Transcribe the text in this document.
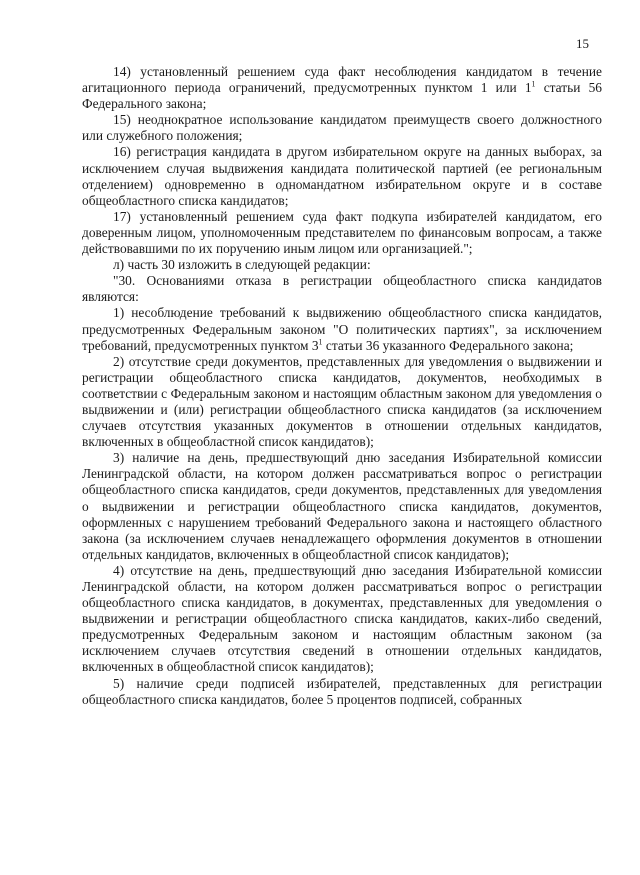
15

14) установленный решением суда факт несоблюдения кандидатом в течение агитационного периода ограничений, предусмотренных пунктом 1 или $1^1$ статьи 56 Федерального закона;

15) неоднократное использование кандидатом преимуществ своего должностного или служебного положения;

16) регистрация кандидата в другом избирательном округе на данных выборах, за исключением случая выдвижения кандидата политической партией (ее региональным отделением) одновременно в одномандатном избирательном округе и в составе общеобластного списка кандидатов;

17) установленный решением суда факт подкупа избирателей кандидатом, его доверенным лицом, уполномоченным представителем по финансовым вопросам, а также действовавшими по их поручению иным лицом или организацией.";

л) часть 30 изложить в следующей редакции:

"30. Основаниями отказа в регистрации общеобластного списка кандидатов являются:

1) несоблюдение требований к выдвижению общеобластного списка кандидатов, предусмотренных Федеральным законом "О политических партиях", за исключением требований, предусмотренных пунктом $3^1$ статьи 36 указанного Федерального закона;

2) отсутствие среди документов, представленных для уведомления о выдвижении и регистрации общеобластного списка кандидатов, документов, необходимых в соответствии с Федеральным законом и настоящим областным законом для уведомления о выдвижении и (или) регистрации общеобластного списка кандидатов (за исключением случаев отсутствия указанных документов в отношении отдельных кандидатов, включенных в общеобластной список кандидатов);

3) наличие на день, предшествующий дню заседания Избирательной комиссии Ленинградской области, на котором должен рассматриваться вопрос о регистрации общеобластного списка кандидатов, среди документов, представленных для уведомления о выдвижении и регистрации общеобластного списка кандидатов, документов, оформленных с нарушением требований Федерального закона и настоящего областного закона (за исключением случаев ненадлежащего оформления документов в отношении отдельных кандидатов, включенных в общеобластной список кандидатов);

4) отсутствие на день, предшествующий дню заседания Избирательной комиссии Ленинградской области, на котором должен рассматриваться вопрос о регистрации общеобластного списка кандидатов, в документах, представленных для уведомления о выдвижении и регистрации общеобластного списка кандидатов, каких-либо сведений, предусмотренных Федеральным законом и настоящим областным законом (за исключением случаев отсутствия сведений в отношении отдельных кандидатов, включенных в общеобластной список кандидатов);

5) наличие среди подписей избирателей, представленных для регистрации общеобластного списка кандидатов, более 5 процентов подписей, собранных
